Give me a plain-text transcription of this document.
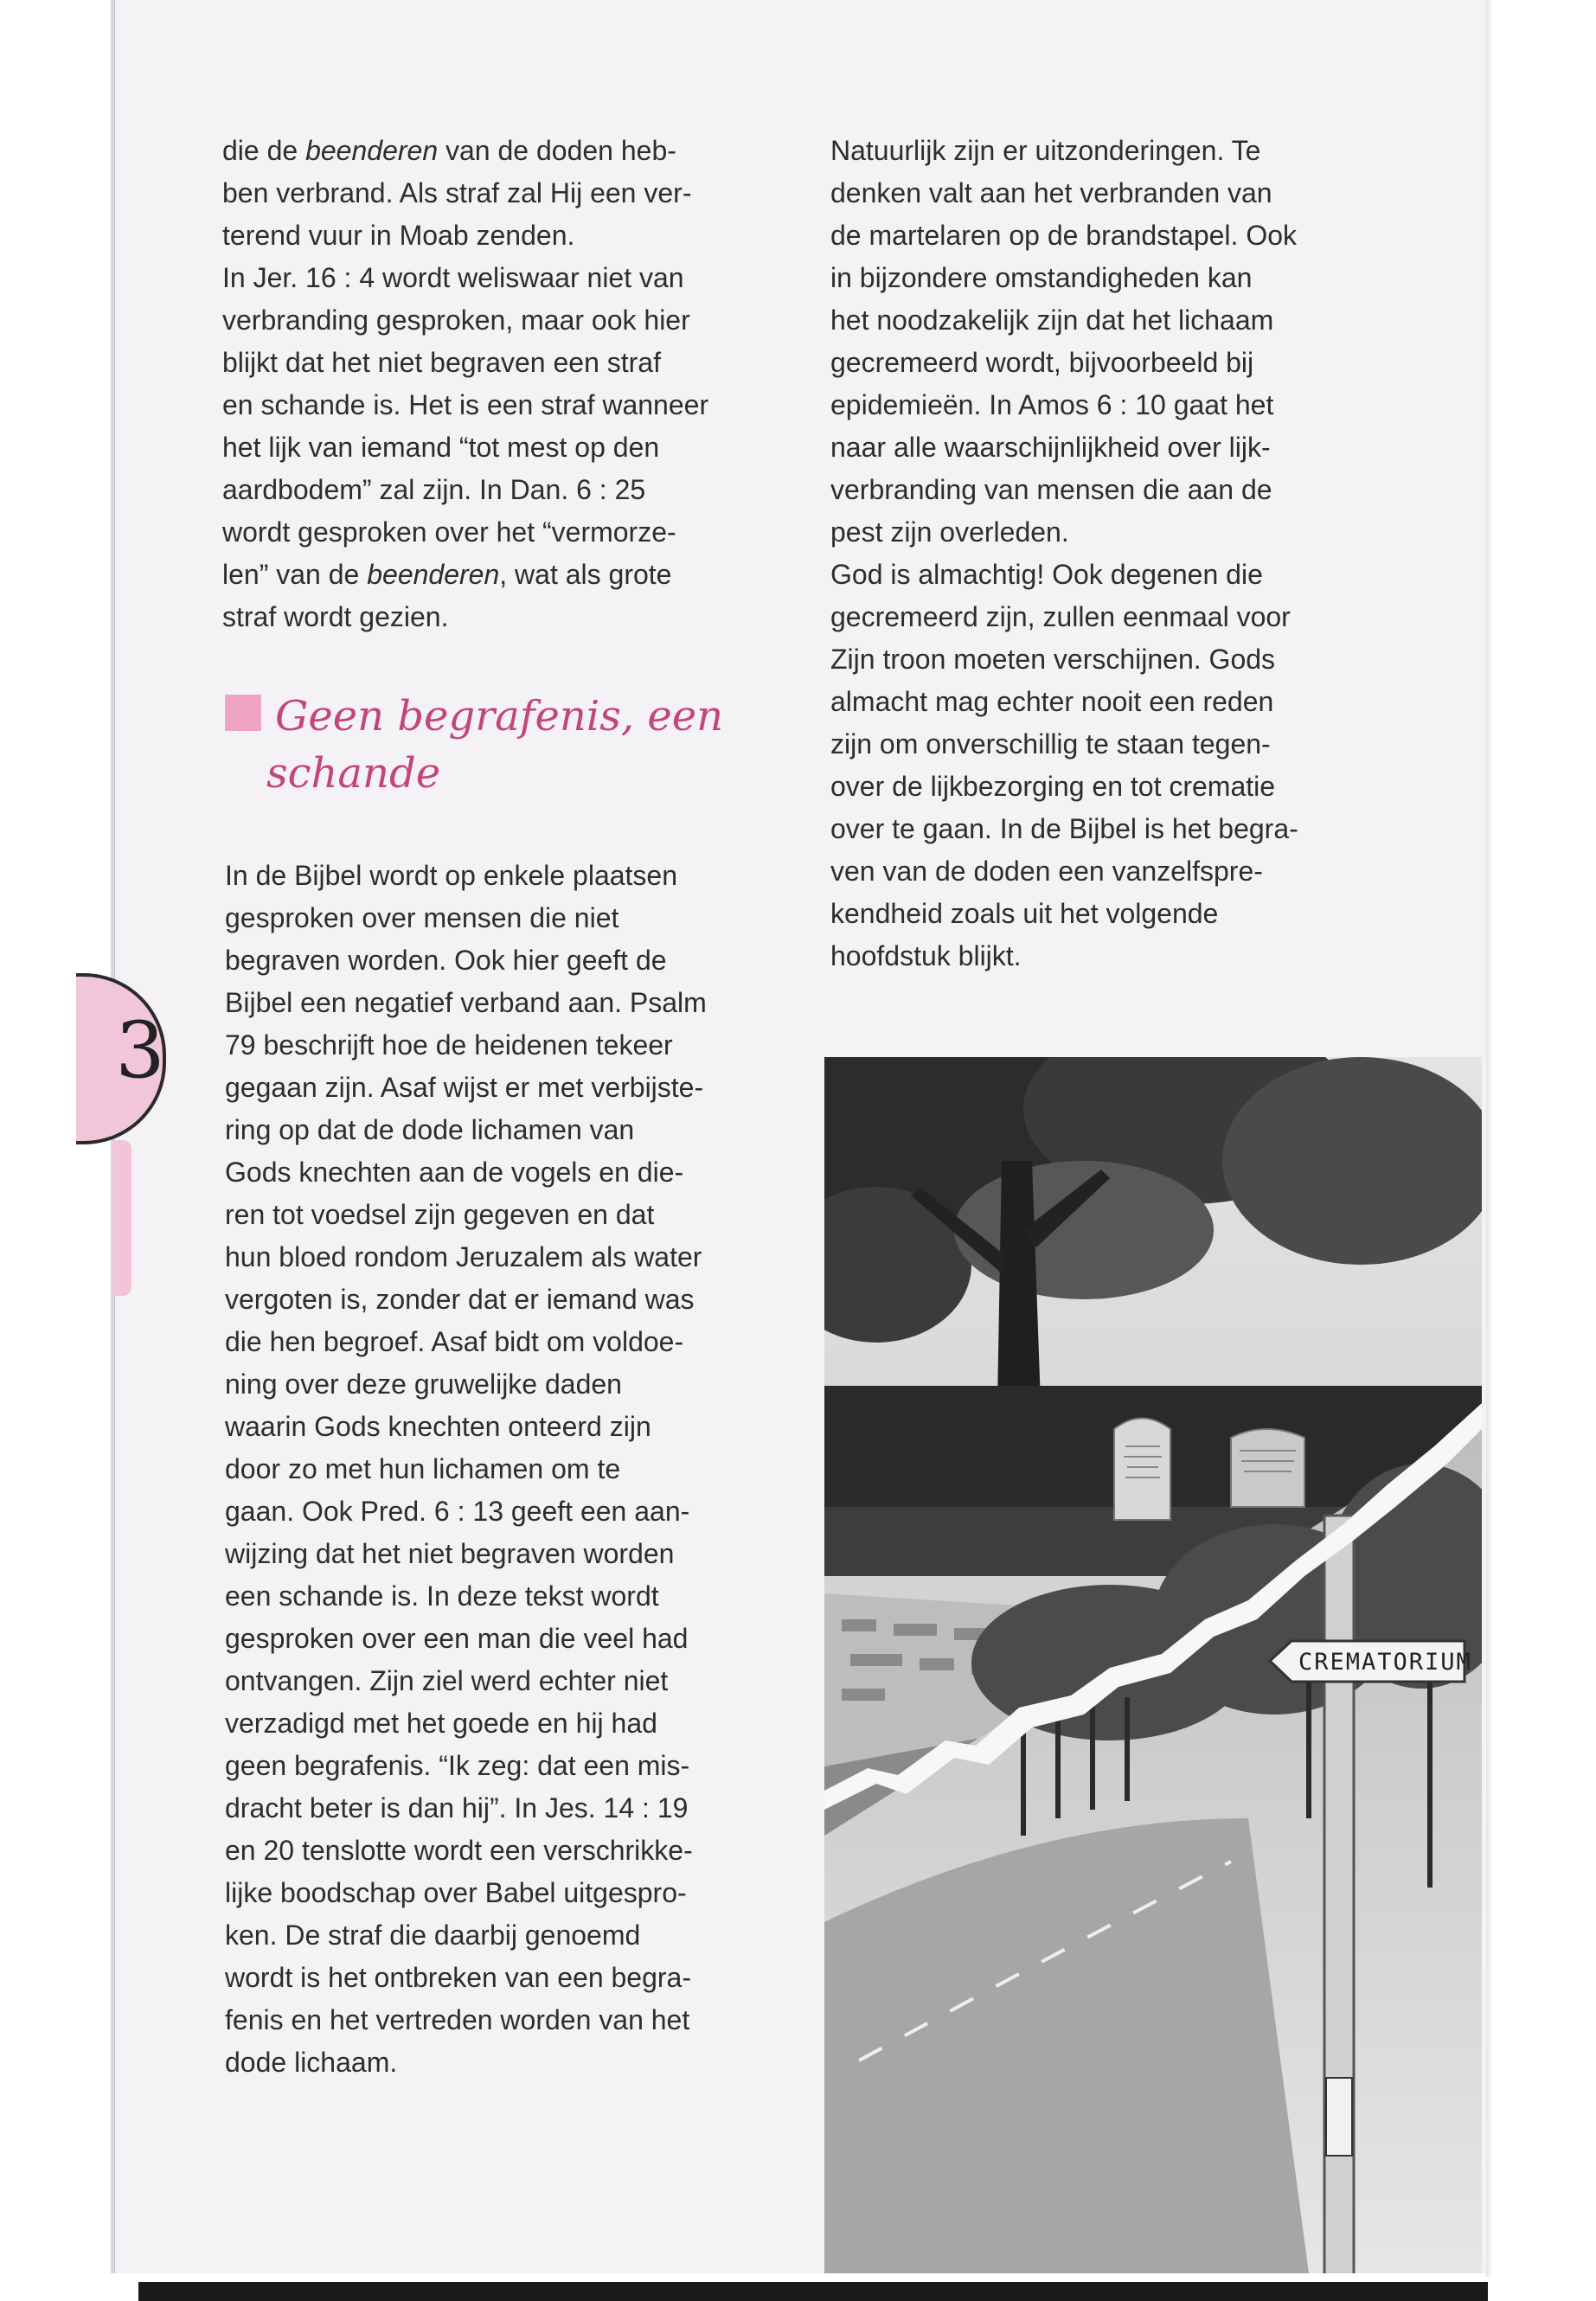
3
die de beenderen van de doden heb-
ben verbrand. Als straf zal Hij een ver-
terend vuur in Moab zenden.
In Jer. 16 : 4 wordt weliswaar niet van
verbranding gesproken, maar ook hier
blijkt dat het niet begraven een straf
en schande is. Het is een straf wanneer
het lijk van iemand “tot mest op den
aardbodem” zal zijn. In Dan. 6 : 25
wordt gesproken over het “vermorze-
len” van de beenderen, wat als grote
straf wordt gezien.
Geen begrafenis, een
schande
In de Bijbel wordt op enkele plaatsen
gesproken over mensen die niet
begraven worden. Ook hier geeft de
Bijbel een negatief verband aan. Psalm
79 beschrijft hoe de heidenen tekeer
gegaan zijn. Asaf wijst er met verbijste-
ring op dat de dode lichamen van
Gods knechten aan de vogels en die-
ren tot voedsel zijn gegeven en dat
hun bloed rondom Jeruzalem als water
vergoten is, zonder dat er iemand was
die hen begroef. Asaf bidt om voldoe-
ning over deze gruwelijke daden
waarin Gods knechten onteerd zijn
door zo met hun lichamen om te
gaan. Ook Pred. 6 : 13 geeft een aan-
wijzing dat het niet begraven worden
een schande is. In deze tekst wordt
gesproken over een man die veel had
ontvangen. Zijn ziel werd echter niet
verzadigd met het goede en hij had
geen begrafenis. “Ik zeg: dat een mis-
dracht beter is dan hij”. In Jes. 14 : 19
en 20 tenslotte wordt een verschrikke-
lijke boodschap over Babel uitgespro-
ken. De straf die daarbij genoemd
wordt is het ontbreken van een begra-
fenis en het vertreden worden van het
dode lichaam.
Natuurlijk zijn er uitzonderingen. Te
denken valt aan het verbranden van
de martelaren op de brandstapel. Ook
in bijzondere omstandigheden kan
het noodzakelijk zijn dat het lichaam
gecremeerd wordt, bijvoorbeeld bij
epidemieën. In Amos 6 : 10 gaat het
naar alle waarschijnlijkheid over lijk-
verbranding van mensen die aan de
pest zijn overleden.
God is almachtig! Ook degenen die
gecremeerd zijn, zullen eenmaal voor
Zijn troon moeten verschijnen. Gods
almacht mag echter nooit een reden
zijn om onverschillig te staan tegen-
over de lijkbezorging en tot crematie
over te gaan. In de Bijbel is het begra-
ven van de doden een vanzelfspre-
kendheid zoals uit het volgende
hoofdstuk blijkt.
CREMATORIUM
